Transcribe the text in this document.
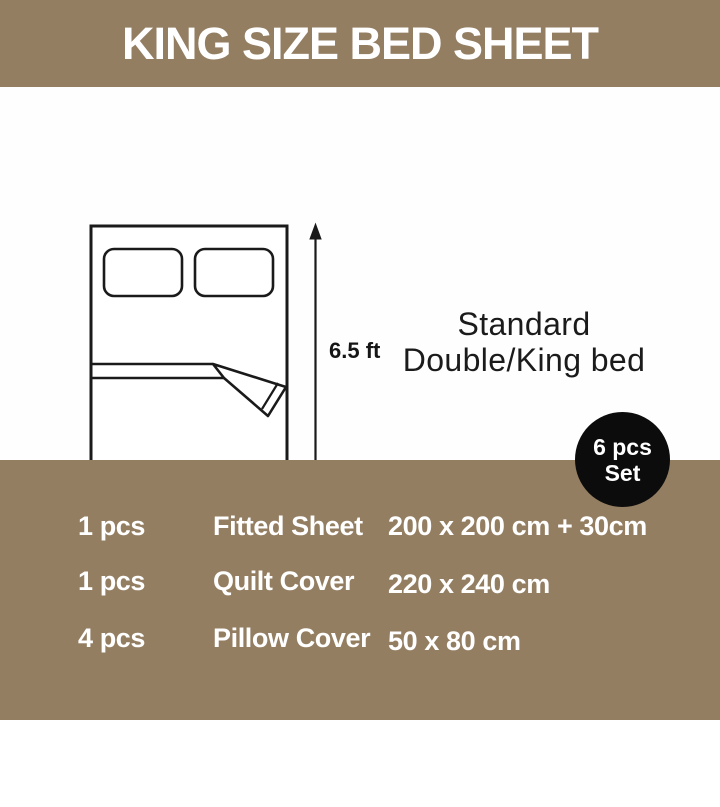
KING SIZE BED SHEET
6.5 ft
Standard
Double/King bed
6 pcs
Set
1 pcs	Fitted Sheet 200 x 200 cm + 30cm
1 pcs	Quilt Cover 220 x 240 cm
4 pcs	Pillow Cover 50 x 80 cm
